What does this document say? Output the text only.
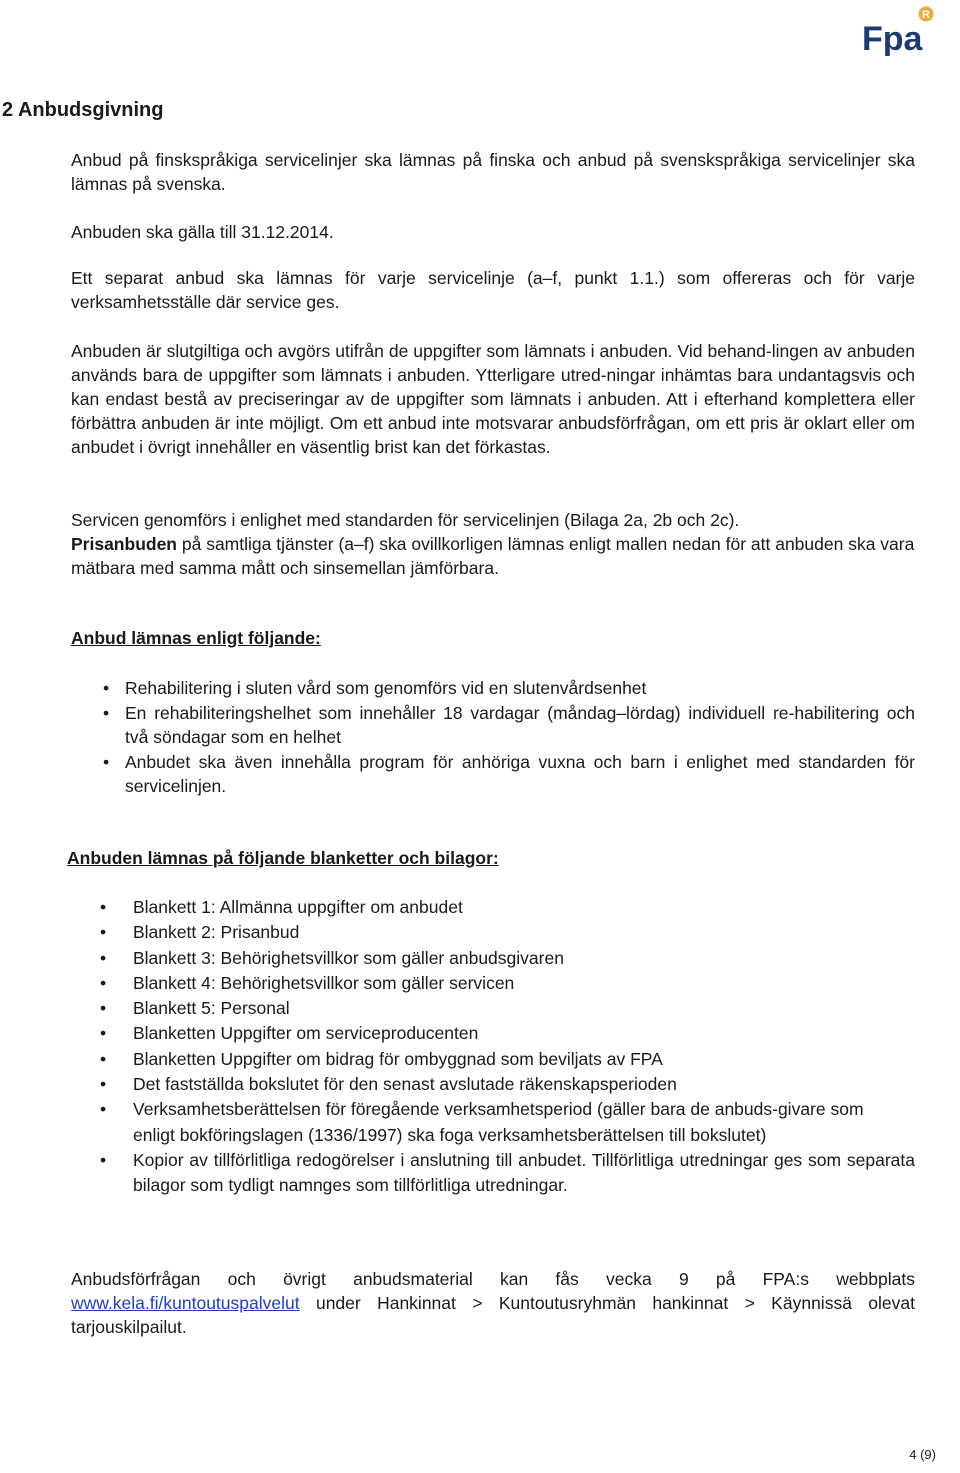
R
Fpa
2 Anbudsgivning

Anbud på finskspråkiga servicelinjer ska lämnas på finska och anbud på svenskspråkiga servicelinjer ska lämnas på svenska.

Anbuden ska gälla till 31.12.2014.

Ett separat anbud ska lämnas för varje servicelinje (a–f, punkt 1.1.) som offereras och för varje verksamhetsställe där service ges.

Anbuden är slutgiltiga och avgörs utifrån de uppgifter som lämnats i anbuden. Vid behand-lingen av anbuden används bara de uppgifter som lämnats i anbuden. Ytterligare utred-ningar inhämtas bara undantagsvis och kan endast bestå av preciseringar av de uppgifter som lämnats i anbuden. Att i efterhand komplettera eller förbättra anbuden är inte möjligt. Om ett anbud inte motsvarar anbudsförfrågan, om ett pris är oklart eller om anbudet i övrigt innehåller en väsentlig brist kan det förkastas.

Servicen genomförs i enlighet med standarden för servicelinjen (Bilaga 2a, 2b och 2c).
Prisanbuden på samtliga tjänster (a–f) ska ovillkorligen lämnas enligt mallen nedan för att anbuden ska vara mätbara med samma mått och sinsemellan jämförbara.

Anbud lämnas enligt följande:

• Rehabilitering i sluten vård som genomförs vid en slutenvårdsenhet
• En rehabiliteringshelhet som innehåller 18 vardagar (måndag–lördag) individuell re-habilitering och två söndagar som en helhet
• Anbudet ska även innehålla program för anhöriga vuxna och barn i enlighet med standarden för servicelinjen.

Anbuden lämnas på följande blanketter och bilagor:

• Blankett 1: Allmänna uppgifter om anbudet
• Blankett 2: Prisanbud
• Blankett 3: Behörighetsvillkor som gäller anbudsgivaren
• Blankett 4: Behörighetsvillkor som gäller servicen
• Blankett 5: Personal
• Blanketten Uppgifter om serviceproducenten
• Blanketten Uppgifter om bidrag för ombyggnad som beviljats av FPA
• Det fastställda bokslutet för den senast avslutade räkenskapsperioden
• Verksamhetsberättelsen för föregående verksamhetsperiod (gäller bara de anbuds-givare som enligt bokföringslagen (1336/1997) ska foga verksamhetsberättelsen till bokslutet)
• Kopior av tillförlitliga redogörelser i anslutning till anbudet. Tillförlitliga utredningar ges som separata bilagor som tydligt namnges som tillförlitliga utredningar.

Anbudsförfrågan och övrigt anbudsmaterial kan fås vecka 9 på FPA:s webbplats www.kela.fi/kuntoutuspalvelut under Hankinnat > Kuntoutusryhmän hankinnat > Käynnissä olevat tarjouskilpailut.

4 (9)
